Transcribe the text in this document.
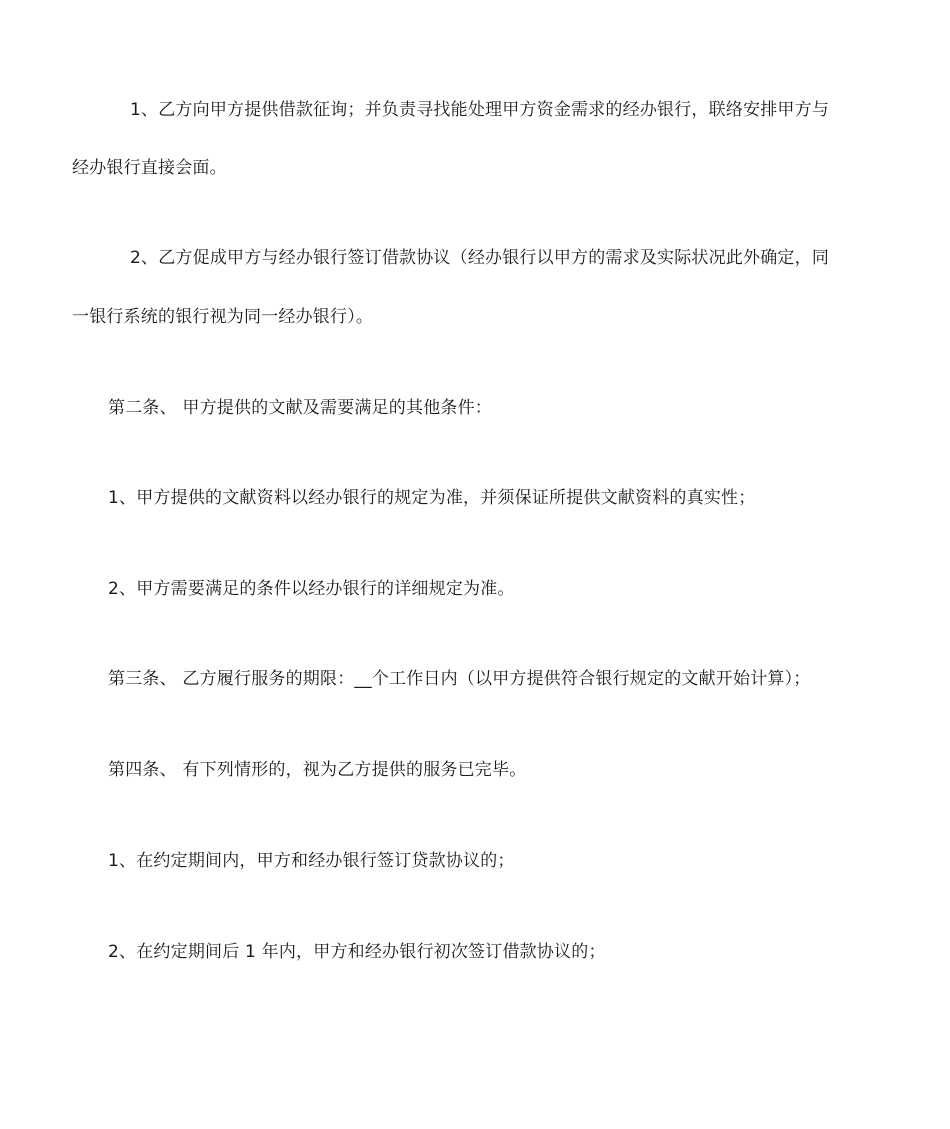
1、乙方向甲方提供借款征询；并负责寻找能处理甲方资金需求的经办银行，联络安排甲方与
经办银行直接会面。
2、乙方促成甲方与经办银行签订借款协议（经办银行以甲方的需求及实际状况此外确定，同
一银行系统的银行视为同一经办银行）。
第二条、 甲方提供的文献及需要满足的其他条件：
1、甲方提供的文献资料以经办银行的规定为准，并须保证所提供文献资料的真实性；
2、甲方需要满足的条件以经办银行的详细规定为准。
第三条、 乙方履行服务的期限：__个工作日内（以甲方提供符合银行规定的文献开始计算）；
第四条、 有下列情形的，视为乙方提供的服务已完毕。
1、在约定期间内，甲方和经办银行签订贷款协议的；
2、在约定期间后 1 年内，甲方和经办银行初次签订借款协议的；
